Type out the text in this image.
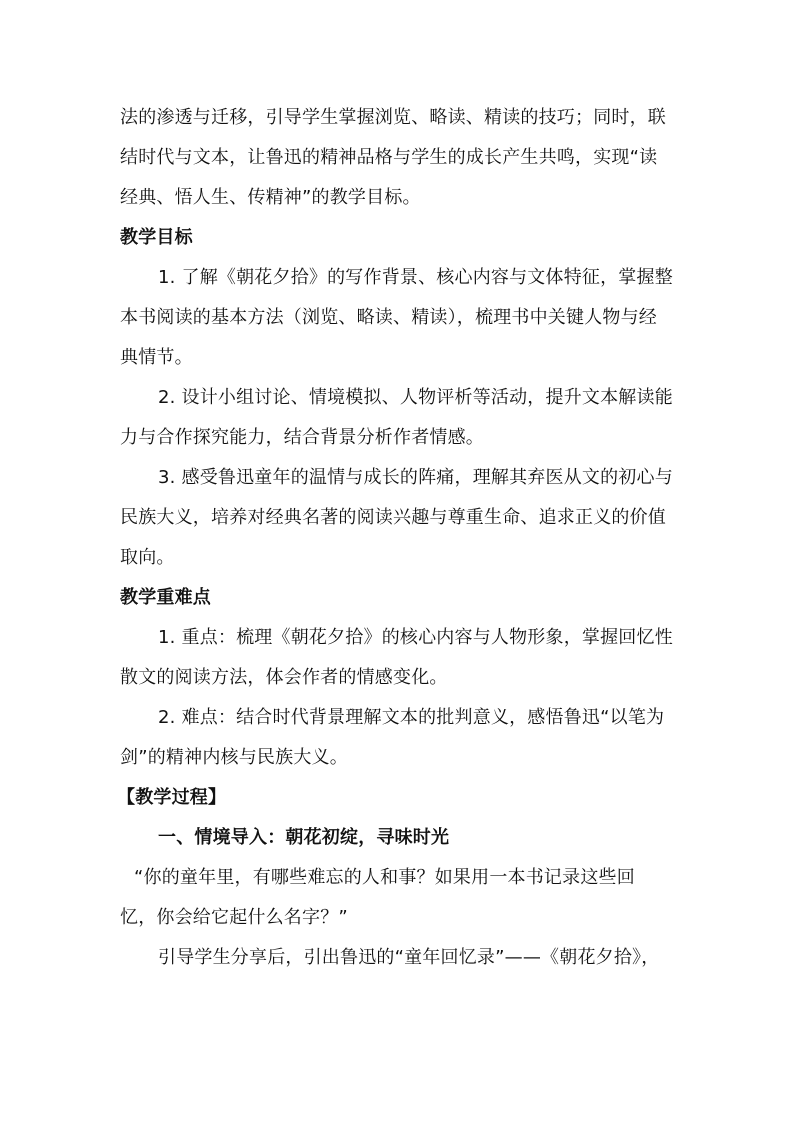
法的渗透与迁移，引导学生掌握浏览、略读、精读的技巧；同时，联
结时代与文本，让鲁迅的精神品格与学生的成长产生共鸣，实现“读
经典、悟人生、传精神”的教学目标。
教学目标
1. 了解《朝花夕拾》的写作背景、核心内容与文体特征，掌握整
本书阅读的基本方法（浏览、略读、精读），梳理书中关键人物与经
典情节。
2. 设计小组讨论、情境模拟、人物评析等活动，提升文本解读能
力与合作探究能力，结合背景分析作者情感。
3. 感受鲁迅童年的温情与成长的阵痛，理解其弃医从文的初心与
民族大义，培养对经典名著的阅读兴趣与尊重生命、追求正义的价值
取向。
教学重难点
1. 重点：梳理《朝花夕拾》的核心内容与人物形象，掌握回忆性
散文的阅读方法，体会作者的情感变化。
2. 难点：结合时代背景理解文本的批判意义，感悟鲁迅“以笔为
剑”的精神内核与民族大义。
【教学过程】
一、情境导入：朝花初绽，寻味时光
“你的童年里，有哪些难忘的人和事？如果用一本书记录这些回
忆，你会给它起什么名字？”
引导学生分享后，引出鲁迅的“童年回忆录”——《朝花夕拾》，
